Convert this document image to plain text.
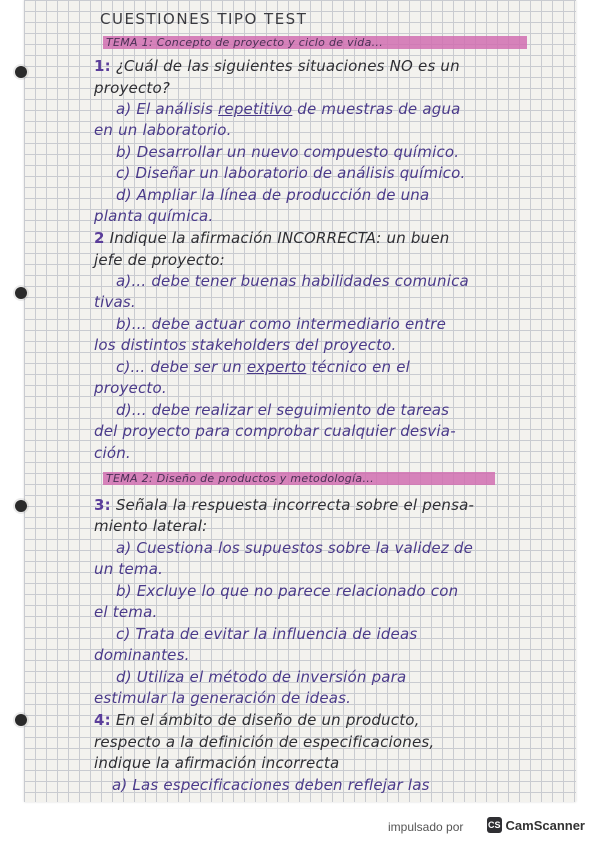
CUESTIONES TIPO TEST
TEMA 1: Concepto de proyecto y ciclo de vida...
1: ¿Cuál de las siguientes situaciones NO es un
proyecto?
a) El análisis repetitivo de muestras de agua
en un laboratorio.
b) Desarrollar un nuevo compuesto químico.
c) Diseñar un laboratorio de análisis químico.
d) Ampliar la línea de producción de una
planta química.
2 Indique la afirmación INCORRECTA: un buen
jefe de proyecto:
a)... debe tener buenas habilidades comunica
tivas.
b)... debe actuar como intermediario entre
los distintos stakeholders del proyecto.
c)... debe ser un experto técnico en el
proyecto.
d)... debe realizar el seguimiento de tareas
del proyecto para comprobar cualquier desvia-
ción.
TEMA 2: Diseño de productos y metodología...
3: Señala la respuesta incorrecta sobre el pensa-
miento lateral:
a) Cuestiona los supuestos sobre la validez de
un tema.
b) Excluye lo que no parece relacionado con
el tema.
c) Trata de evitar la influencia de ideas
dominantes.
d) Utiliza el método de inversión para
estimular la generación de ideas.
4: En el ámbito de diseño de un producto,
respecto a la definición de especificaciones,
indique la afirmación incorrecta
a) Las especificaciones deben reflejar las
impulsado por	CS CamScanner
